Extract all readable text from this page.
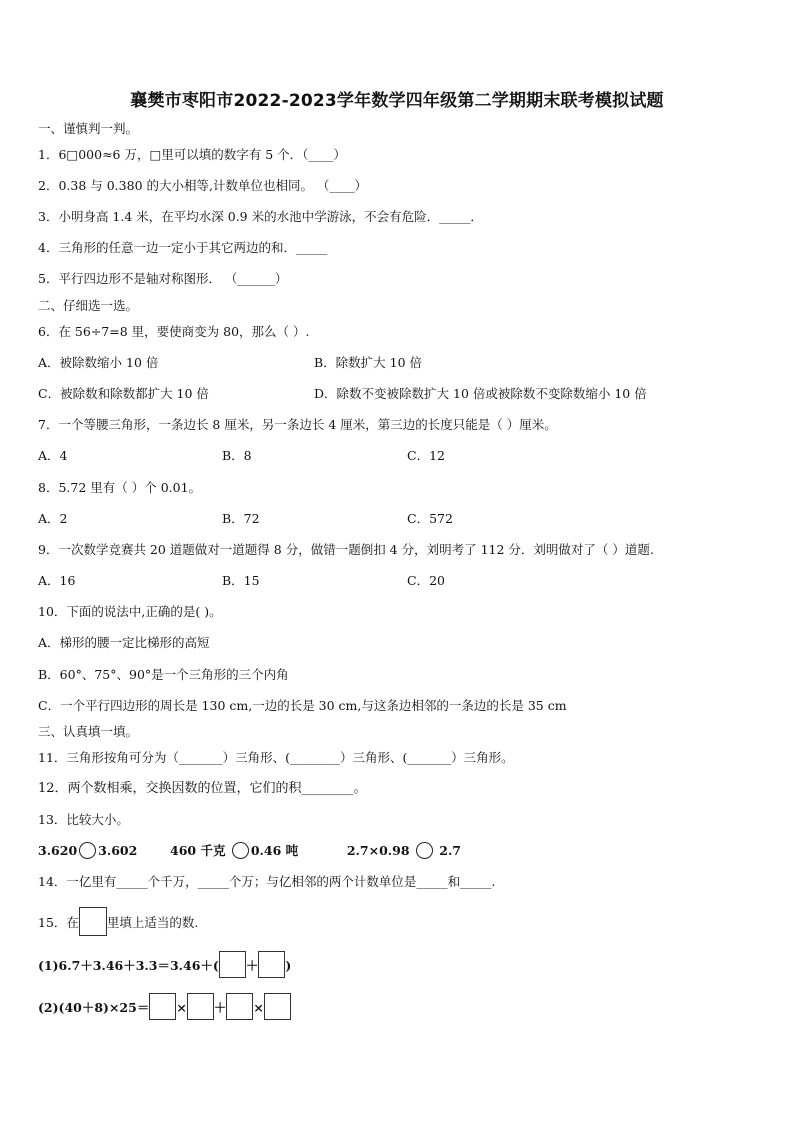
襄樊市枣阳市2022-2023学年数学四年级第二学期期末联考模拟试题
一、谨慎判一判。
1．6□000≈6 万，□里可以填的数字有 5 个．（____）
2．0.38 与 0.380 的大小相等,计数单位也相同。 （____）
3．小明身高 1.4 米，在平均水深 0.9 米的水池中学游泳，不会有危险．_____．
4．三角形的任意一边一定小于其它两边的和．_____
5．平行四边形不是轴对称图形． （______）
二、仔细选一选。
6．在 56÷7=8 里，要使商变为 80，那么（ ）.
A．被除数缩小 10 倍	B．除数扩大 10 倍
C．被除数和除数都扩大 10 倍	D．除数不变被除数扩大 10 倍或被除数不变除数缩小 10 倍
7．一个等腰三角形，一条边长 8 厘米，另一条边长 4 厘米，第三边的长度只能是（ ）厘米。
A．4	B．8	C．12
8．5.72 里有（ ）个 0.01。
A．2	B．72	C．572
9．一次数学竞赛共 20 道题做对一道题得 8 分，做错一题倒扣 4 分，刘明考了 112 分．刘明做对了（ ）道题.
A．16	B．15	C．20
10．下面的说法中,正确的是( )。
A．梯形的腰一定比梯形的高短
B．60°、75°、90°是一个三角形的三个内角
C．一个平行四边形的周长是 130 cm,一边的长是 30 cm,与这条边相邻的一条边的长是 35 cm
三、认真填一填。
11．三角形按角可分为（_______）三角形、(________）三角形、(_______）三角形。
12．两个数相乘，交换因数的位置，它们的积________。
13．比较大小。
3.620 3.602	460 千克 0.46 吨	2.7×0.98 2.7
14．一亿里有_____个千万，_____个万；与亿相邻的两个计数单位是_____和_____.
15．在 里填上适当的数.
(1)6.7＋3.46＋3.3＝3.46＋( ＋ )
(2)(40＋8)×25＝ × ＋ ×
